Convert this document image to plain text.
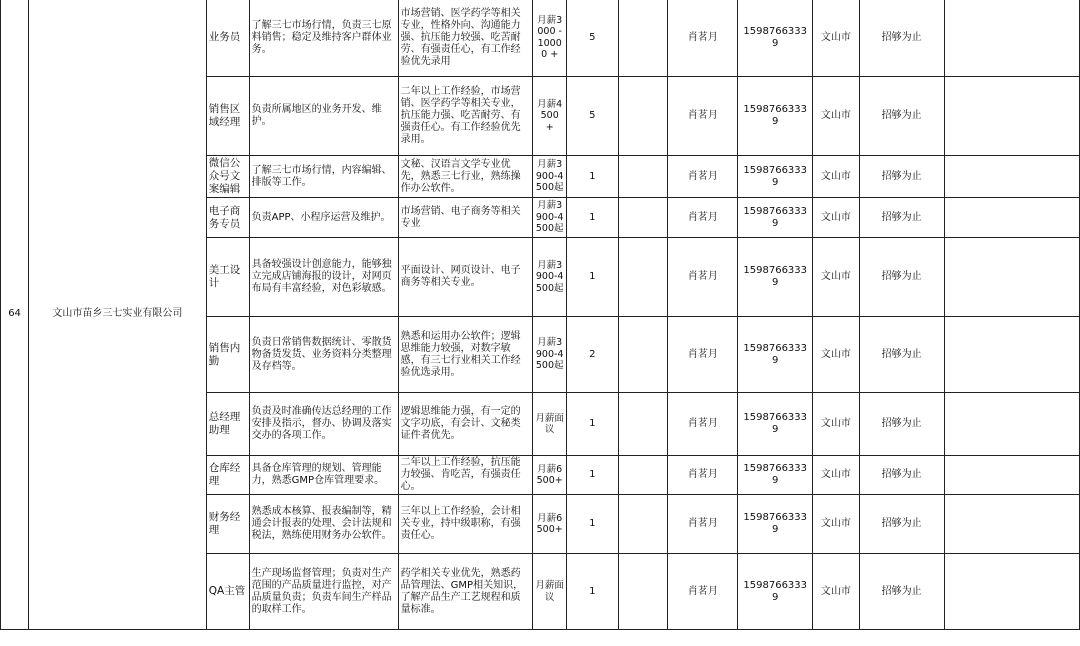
64	文山市苗乡三七实业有限公司	业务员	了解三七市场行情，负责三七原料销售；稳定及维持客户群体业务。	市场营销、医学药学等相关专业，性格外向、沟通能力强、抗压能力较强、吃苦耐劳、有强责任心，有工作经验优先录用	月薪3000 -10000 +	5		肖茗月	15987663339	文山市	招够为止	
		销售区域经理	负责所属地区的业务开发、维护。	二年以上工作经验，市场营销、医学药学等相关专业，抗压能力强、吃苦耐劳、有强责任心。有工作经验优先录用。	月薪4500 +	5		肖茗月	15987663339	文山市	招够为止	
		微信公众号文案编辑	了解三七市场行情，内容编辑、排版等工作。	文秘、汉语言文学专业优先，熟悉三七行业，熟练操作办公软件。	月薪3900-4500起	1		肖茗月	15987663339	文山市	招够为止	
		电子商务专员	负责APP、小程序运营及维护。	市场营销、电子商务等相关专业	月薪3900-4500起	1		肖茗月	15987663339	文山市	招够为止	
		美工设计	具备较强设计创意能力，能够独立完成店铺海报的设计，对网页布局有丰富经验，对色彩敏感。	平面设计、网页设计、电子商务等相关专业。	月薪3900-4500起	1		肖茗月	15987663339	文山市	招够为止	
		销售内勤	负责日常销售数据统计、零散货物备货发货、业务资料分类整理及存档等。	熟悉和运用办公软件；逻辑思维能力较强，对数字敏感，有三七行业相关工作经验优选录用。	月薪3900-4500起	2		肖茗月	15987663339	文山市	招够为止	
		总经理助理	负责及时准确传达总经理的工作安排及指示，督办、协调及落实交办的各项工作。	逻辑思维能力强，有一定的文字功底，有会计、文秘类证件者优先。	月薪面议	1		肖茗月	15987663339	文山市	招够为止	
		仓库经理	具备仓库管理的规划、管理能力，熟悉GMP仓库管理要求。	二年以上工作经验，抗压能力较强、肯吃苦，有强责任心。	月薪6500+	1		肖茗月	15987663339	文山市	招够为止	
		财务经理	熟悉成本核算、报表编制等，精通会计报表的处理、会计法规和税法，熟练使用财务办公软件。	三年以上工作经验，会计相关专业，持中级职称，有强责任心。	月薪6500+	1		肖茗月	15987663339	文山市	招够为止	
		QA主管	生产现场监督管理；负责对生产范围的产品质量进行监控，对产品质量负责；负责车间生产样品的取样工作。	药学相关专业优先，熟悉药品管理法、GMP相关知识，了解产品生产工艺规程和质量标准。	月薪面议	1		肖茗月	15987663339	文山市	招够为止	
